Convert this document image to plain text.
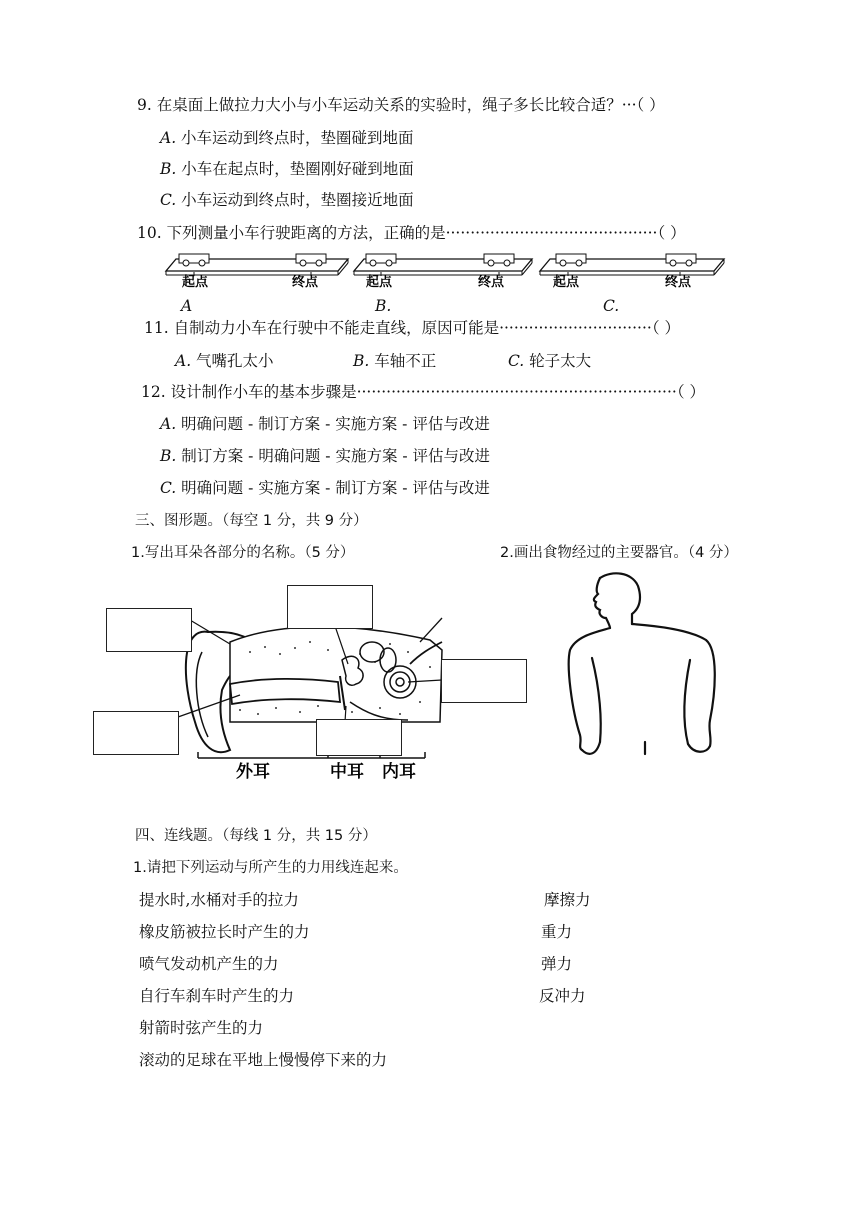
9. 在桌面上做拉力大小与小车运动关系的实验时，绳子多长比较合适？···（ ）
A. 小车运动到终点时，垫圈碰到地面
B. 小车在起点时，垫圈刚好碰到地面
C. 小车运动到终点时，垫圈接近地面
10. 下列测量小车行驶距离的方法，正确的是···········································（ ）
起点	终点	起点	终点	起点	终点
A	B.	C.
11. 自制动力小车在行驶中不能走直线，原因可能是·······························（ ）
A. 气嘴孔太小	B. 车轴不正	C. 轮子太大
12. 设计制作小车的基本步骤是·································································（ ）
A. 明确问题 - 制订方案 - 实施方案 - 评估与改进
B. 制订方案 - 明确问题 - 实施方案 - 评估与改进
C. 明确问题 - 实施方案 - 制订方案 - 评估与改进
三、图形题。（每空 1 分，共 9 分）
1.写出耳朵各部分的名称。（5 分）	2.画出食物经过的主要器官。（4 分）
外耳	中耳 内耳
四、连线题。（每线 1 分，共 15 分）
1.请把下列运动与所产生的力用线连起来。
提水时,水桶对手的拉力
橡皮筋被拉长时产生的力
喷气发动机产生的力
自行车刹车时产生的力
射箭时弦产生的力
滚动的足球在平地上慢慢停下来的力
摩擦力
重力
弹力
反冲力
